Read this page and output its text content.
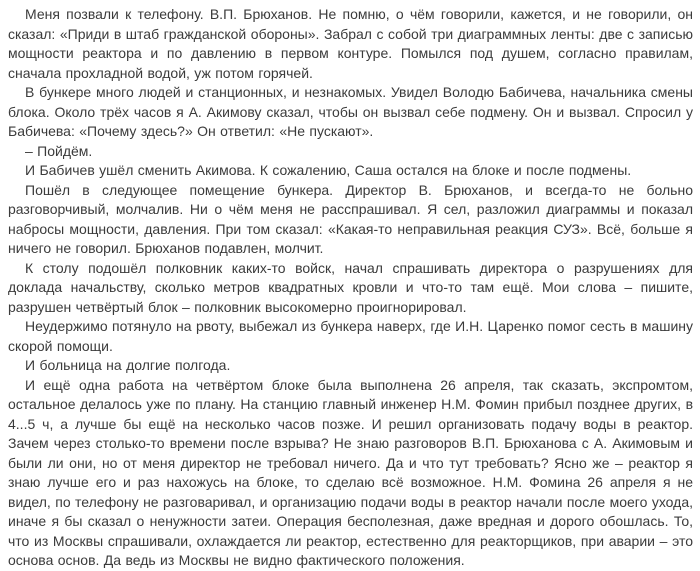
Меня позвали к телефону. В.П. Брюханов. Не помню, о чём говорили, кажется, и не говорили, он сказал: «Приди в штаб гражданской обороны». Забрал с собой три диаграммных ленты: две с записью мощности реактора и по давлению в первом контуре. Помылся под душем, согласно правилам, сначала прохладной водой, уж потом горячей.

В бункере много людей и станционных, и незнакомых. Увидел Володю Бабичева, начальника смены блока. Около трёх часов я А. Акимову сказал, чтобы он вызвал себе подмену. Он и вызвал. Спросил у Бабичева: «Почему здесь?» Он ответил: «Не пускают».

– Пойдём.

И Бабичев ушёл сменить Акимова. К сожалению, Саша остался на блоке и после подмены.

Пошёл в следующее помещение бункера. Директор В. Брюханов, и всегда-то не больно разговорчивый, молчалив. Ни о чём меня не расспрашивал. Я сел, разложил диаграммы и показал набросы мощности, давления. При том сказал: «Какая-то неправильная реакция СУЗ». Всё, больше я ничего не говорил. Брюханов подавлен, молчит.

К столу подошёл полковник каких-то войск, начал спрашивать директора о разрушениях для доклада начальству, сколько метров квадратных кровли и что-то там ещё. Мои слова – пишите, разрушен четвёртый блок – полковник высокомерно проигнорировал.

Неудержимо потянуло на рвоту, выбежал из бункера наверх, где И.Н. Царенко помог сесть в машину скорой помощи.

И больница на долгие полгода.

И ещё одна работа на четвёртом блоке была выполнена 26 апреля, так сказать, экспромтом, остальное делалось уже по плану. На станцию главный инженер Н.М. Фомин прибыл позднее других, в 4...5 ч, а лучше бы ещё на несколько часов позже. И решил организовать подачу воды в реактор. Зачем через столько-то времени после взрыва? Не знаю разговоров В.П. Брюханова с А. Акимовым и были ли они, но от меня директор не требовал ничего. Да и что тут требовать? Ясно же – реактор я знаю лучше его и раз нахожусь на блоке, то сделаю всё возможное. Н.М. Фомина 26 апреля я не видел, по телефону не разговаривал, и организацию подачи воды в реактор начали после моего ухода, иначе я бы сказал о ненужности затеи. Операция бесполезная, даже вредная и дорого обошлась. То, что из Москвы спрашивали, охлаждается ли реактор, естественно для реакторщиков, при аварии – это основа основ. Да ведь из Москвы не видно фактического положения.
